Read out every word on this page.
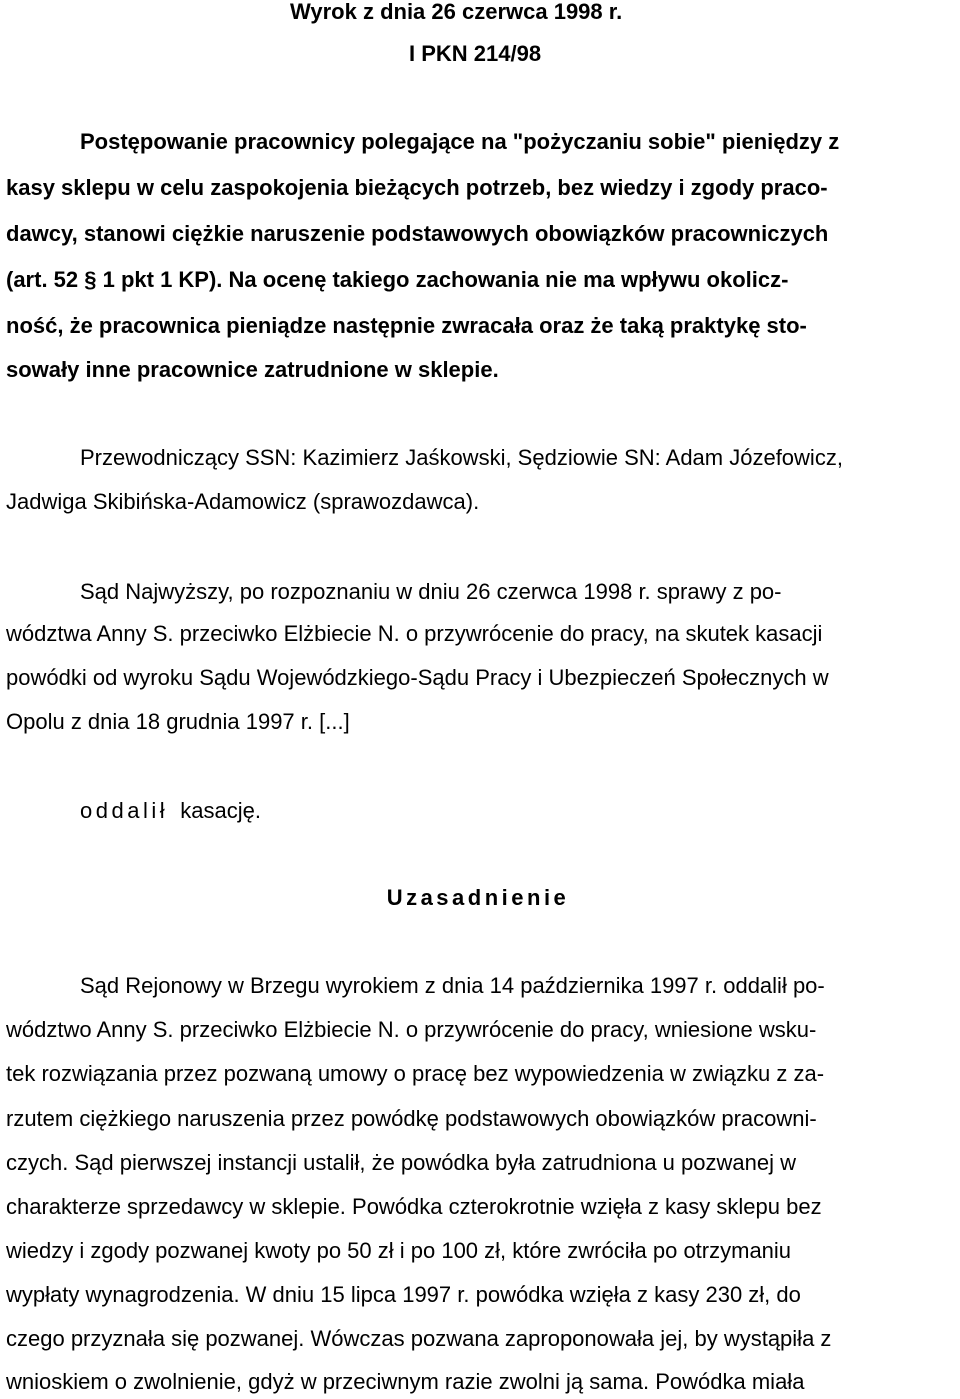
Wyrok z dnia 26 czerwca 1998 r.
I PKN 214/98
Postępowanie pracownicy polegające na "pożyczaniu sobie" pieniędzy z
kasy sklepu w celu zaspokojenia bieżących potrzeb, bez wiedzy i zgody praco-
dawcy, stanowi ciężkie naruszenie podstawowych obowiązków pracowniczych
(art. 52 § 1 pkt 1 KP). Na ocenę takiego zachowania nie ma wpływu okolicz-
ność, że pracownica pieniądze następnie zwracała oraz że taką praktykę sto-
sowały inne pracownice zatrudnione w sklepie.
Przewodniczący SSN: Kazimierz Jaśkowski, Sędziowie SN: Adam Józefowicz,
Jadwiga Skibińska-Adamowicz (sprawozdawca).
Sąd Najwyższy, po rozpoznaniu w dniu 26 czerwca 1998 r. sprawy z po-
wództwa Anny S. przeciwko Elżbiecie N. o przywrócenie do pracy, na skutek kasacji
powódki od wyroku Sądu Wojewódzkiego-Sądu Pracy i Ubezpieczeń Społecznych w
Opolu z dnia 18 grudnia 1997 r. [...]
oddalił kasację.
Uzasadnienie
Sąd Rejonowy w Brzegu wyrokiem z dnia 14 października 1997 r. oddalił po-
wództwo Anny S. przeciwko Elżbiecie N. o przywrócenie do pracy, wniesione wsku-
tek rozwiązania przez pozwaną umowy o pracę bez wypowiedzenia w związku z za-
rzutem ciężkiego naruszenia przez powódkę podstawowych obowiązków pracowni-
czych. Sąd pierwszej instancji ustalił, że powódka była zatrudniona u pozwanej w
charakterze sprzedawcy w sklepie. Powódka czterokrotnie wzięła z kasy sklepu bez
wiedzy i zgody pozwanej kwoty po 50 zł i po 100 zł, które zwróciła po otrzymaniu
wypłaty wynagrodzenia. W dniu 15 lipca 1997 r. powódka wzięła z kasy 230 zł, do
czego przyznała się pozwanej. Wówczas pozwana zaproponowała jej, by wystąpiła z
wnioskiem o zwolnienie, gdyż w przeciwnym razie zwolni ją sama. Powódka miała
